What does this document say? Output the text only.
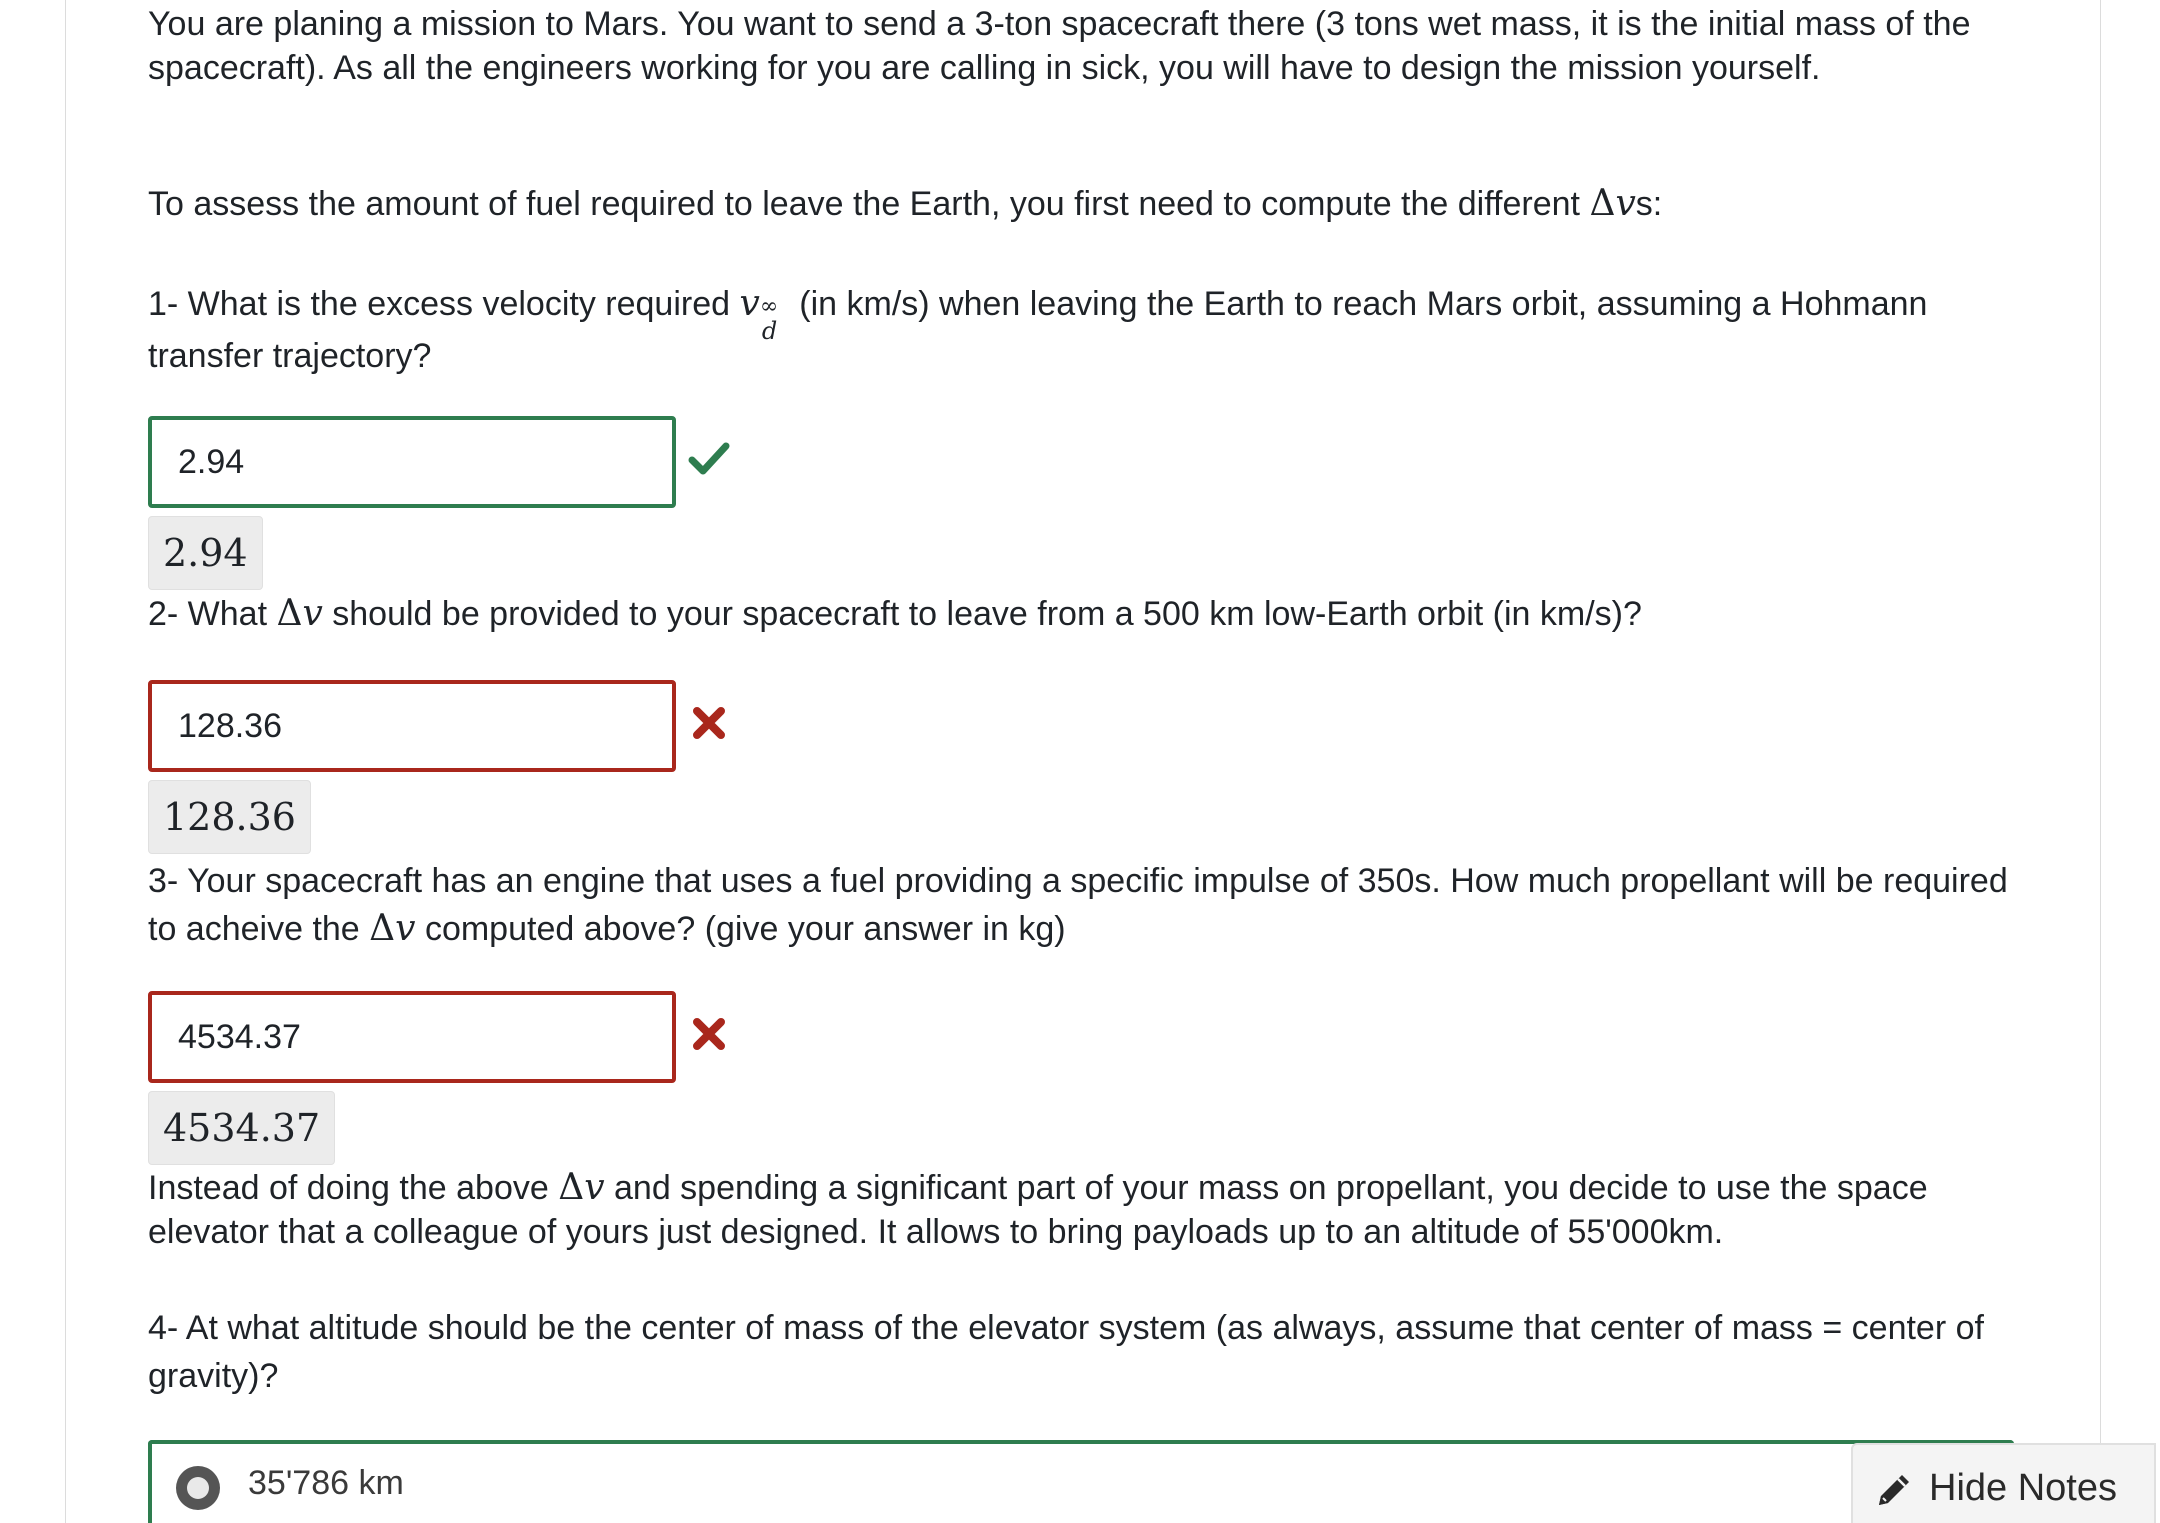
You are planing a mission to Mars. You want to send a 3-ton spacecraft there (3 tons wet mass, it is the initial mass of the spacecraft). As all the engineers working for you are calling in sick, you will have to design the mission yourself.

To assess the amount of fuel required to leave the Earth, you first need to compute the different Δvs:

1- What is the excess velocity required v ∞
d
(in km/s) when leaving the Earth to reach Mars orbit, assuming a Hohmann transfer trajectory?

2.94
2.94

2- What Δv should be provided to your spacecraft to leave from a 500 km low-Earth orbit (in km/s)?

128.36
128.36

3- Your spacecraft has an engine that uses a fuel providing a specific impulse of 350s. How much propellant will be required to acheive the Δv computed above? (give your answer in kg)

4534.37
4534.37

Instead of doing the above Δv and spending a significant part of your mass on propellant, you decide to use the space elevator that a colleague of yours just designed. It allows to bring payloads up to an altitude of 55'000km.

4- At what altitude should be the center of mass of the elevator system (as always, assume that center of mass = center of gravity)?

35'786 km	Hide Notes
